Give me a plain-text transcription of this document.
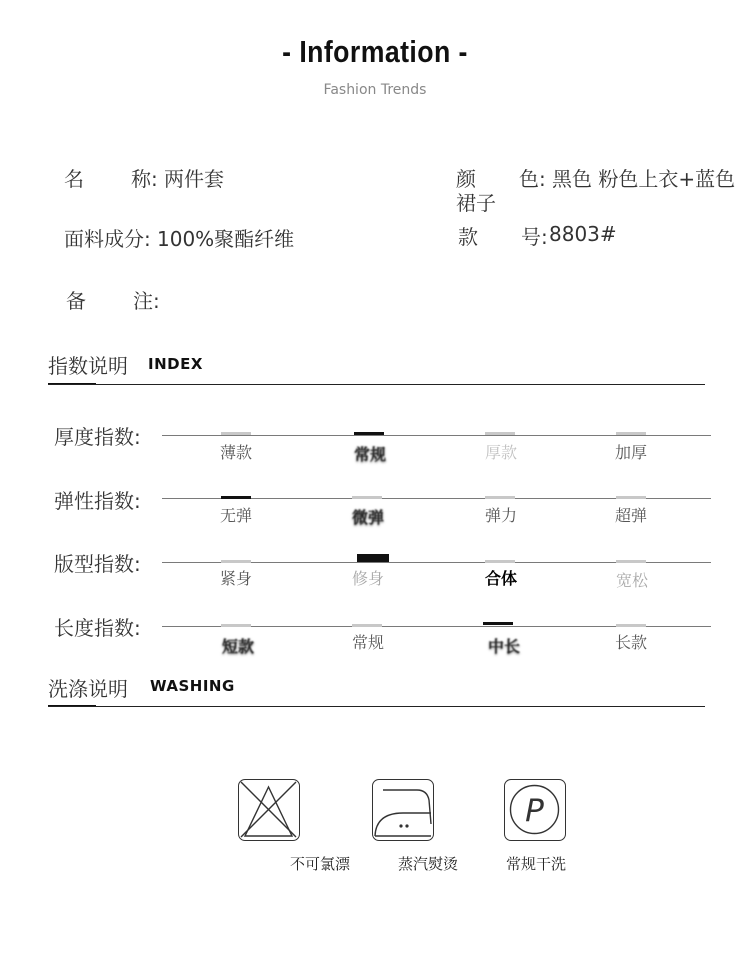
- Information -
Fashion Trends
名 称: 两件套	颜 色: 黑色 粉色上衣+蓝色
裙子
面料成分: 100%聚酯纤维	款 号: 8803#
备 注:
指数说明 INDEX
厚度指数:
薄款	常规	厚款	加厚
弹性指数:
无弹	微弹	弹力	超弹
版型指数:
紧身	修身	合体	宽松
长度指数:
短款	常规	中长	长款
洗涤说明 WASHING
P
不可氯漂	蒸汽熨烫	常规干洗
